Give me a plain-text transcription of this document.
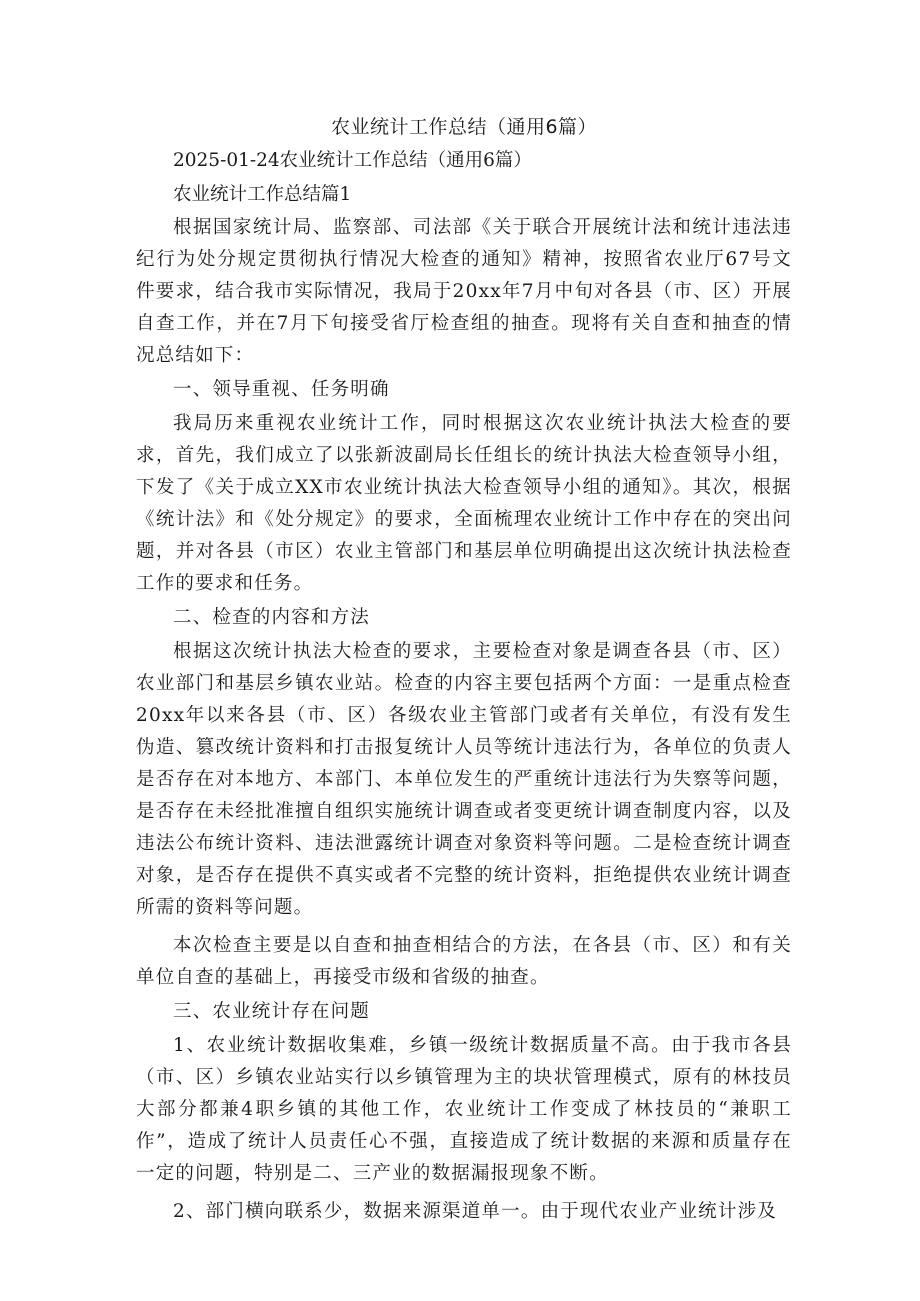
农业统计工作总结（通用6篇）

2025-01-24农业统计工作总结（通用6篇）

农业统计工作总结篇1

根据国家统计局、监察部、司法部《关于联合开展统计法和统计违法违纪行为处分规定贯彻执行情况大检查的通知》精神，按照省农业厅67号文件要求，结合我市实际情况，我局于20xx年7月中旬对各县（市、区）开展自查工作，并在7月下旬接受省厅检查组的抽查。现将有关自查和抽查的情况总结如下：

一、领导重视、任务明确

我局历来重视农业统计工作，同时根据这次农业统计执法大检查的要求，首先，我们成立了以张新波副局长任组长的统计执法大检查领导小组，下发了《关于成立XX市农业统计执法大检查领导小组的通知》。其次，根据《统计法》和《处分规定》的要求，全面梳理农业统计工作中存在的突出问题，并对各县（市区）农业主管部门和基层单位明确提出这次统计执法检查工作的要求和任务。

二、检查的内容和方法

根据这次统计执法大检查的要求，主要检查对象是调查各县（市、区）农业部门和基层乡镇农业站。检查的内容主要包括两个方面：一是重点检查20xx年以来各县（市、区）各级农业主管部门或者有关单位，有没有发生伪造、篡改统计资料和打击报复统计人员等统计违法行为，各单位的负责人是否存在对本地方、本部门、本单位发生的严重统计违法行为失察等问题，是否存在未经批准擅自组织实施统计调查或者变更统计调查制度内容，以及违法公布统计资料、违法泄露统计调查对象资料等问题。二是检查统计调查对象，是否存在提供不真实或者不完整的统计资料，拒绝提供农业统计调查所需的资料等问题。

本次检查主要是以自查和抽查相结合的方法，在各县（市、区）和有关单位自查的基础上，再接受市级和省级的抽查。

三、农业统计存在问题

1、农业统计数据收集难，乡镇一级统计数据质量不高。由于我市各县（市、区）乡镇农业站实行以乡镇管理为主的块状管理模式，原有的林技员大部分都兼4职乡镇的其他工作，农业统计工作变成了林技员的“兼职工作”，造成了统计人员责任心不强，直接造成了统计数据的来源和质量存在一定的问题，特别是二、三产业的数据漏报现象不断。

2、部门横向联系少，数据来源渠道单一。由于现代农业产业统计涉及
